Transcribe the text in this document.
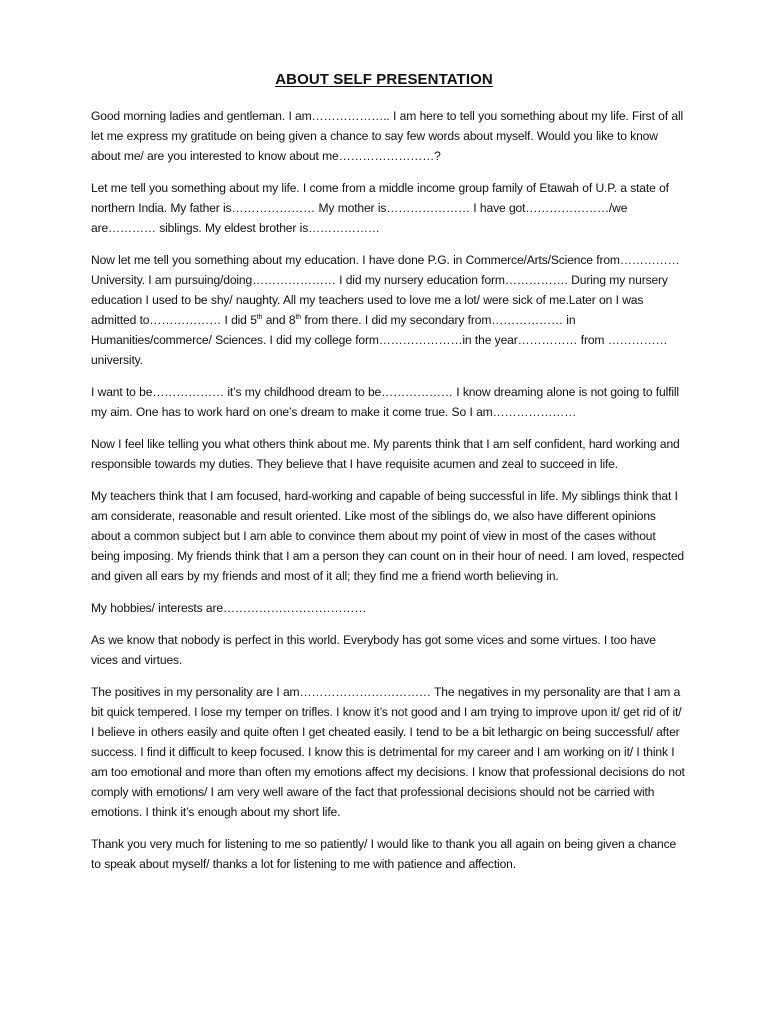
ABOUT SELF PRESENTATION

Good morning ladies and gentleman. I am……………….. I am here to tell you something about my life. First of all let me express my gratitude on being given a chance to say few words about myself. Would you like to know about me/ are you interested to know about me……………………?

Let me tell you something about my life. I come from a middle income group family of Etawah of U.P. a state of northern India. My father is………………… My mother is………………… I have got…………………/we are………… siblings. My eldest brother is………………

Now let me tell you something about my education. I have done P.G. in Commerce/Arts/Science from……………University. I am pursuing/doing………………… I did my nursery education form……………. During my nursery education I used to be shy/ naughty. All my teachers used to love me a lot/ were sick of me.Later on I was admitted to……………… I did 5th and 8th from there. I did my secondary from……………… in Humanities/commerce/ Sciences. I did my college form…………………in the year…………… from …………… university.

I want to be……………… it’s my childhood dream to be……………… I know dreaming alone is not going to fulfill my aim. One has to work hard on one’s dream to make it come true. So I am…………………

Now I feel like telling you what others think about me. My parents think that I am self confident, hard working and responsible towards my duties. They believe that I have requisite acumen and zeal to succeed in life.

My teachers think that I am focused, hard-working and capable of being successful in life. My siblings think that I am considerate, reasonable and result oriented. Like most of the siblings do, we also have different opinions about a common subject but I am able to convince them about my point of view in most of the cases without being imposing. My friends think that I am a person they can count on in their hour of need. I am loved, respected and given all ears by my friends and most of it all; they find me a friend worth believing in.

My hobbies/ interests are………………………………

As we know that nobody is perfect in this world. Everybody has got some vices and some virtues. I too have vices and virtues.

The positives in my personality are I am…………………………… The negatives in my personality are that I am a bit quick tempered. I lose my temper on trifles. I know it’s not good and I am trying to improve upon it/ get rid of it/ I believe in others easily and quite often I get cheated easily. I tend to be a bit lethargic on being successful/ after success. I find it difficult to keep focused. I know this is detrimental for my career and I am working on it/ I think I am too emotional and more than often my emotions affect my decisions. I know that professional decisions do not comply with emotions/ I am very well aware of the fact that professional decisions should not be carried with emotions. I think it’s enough about my short life.

Thank you very much for listening to me so patiently/ I would like to thank you all again on being given a chance to speak about myself/ thanks a lot for listening to me with patience and affection.
